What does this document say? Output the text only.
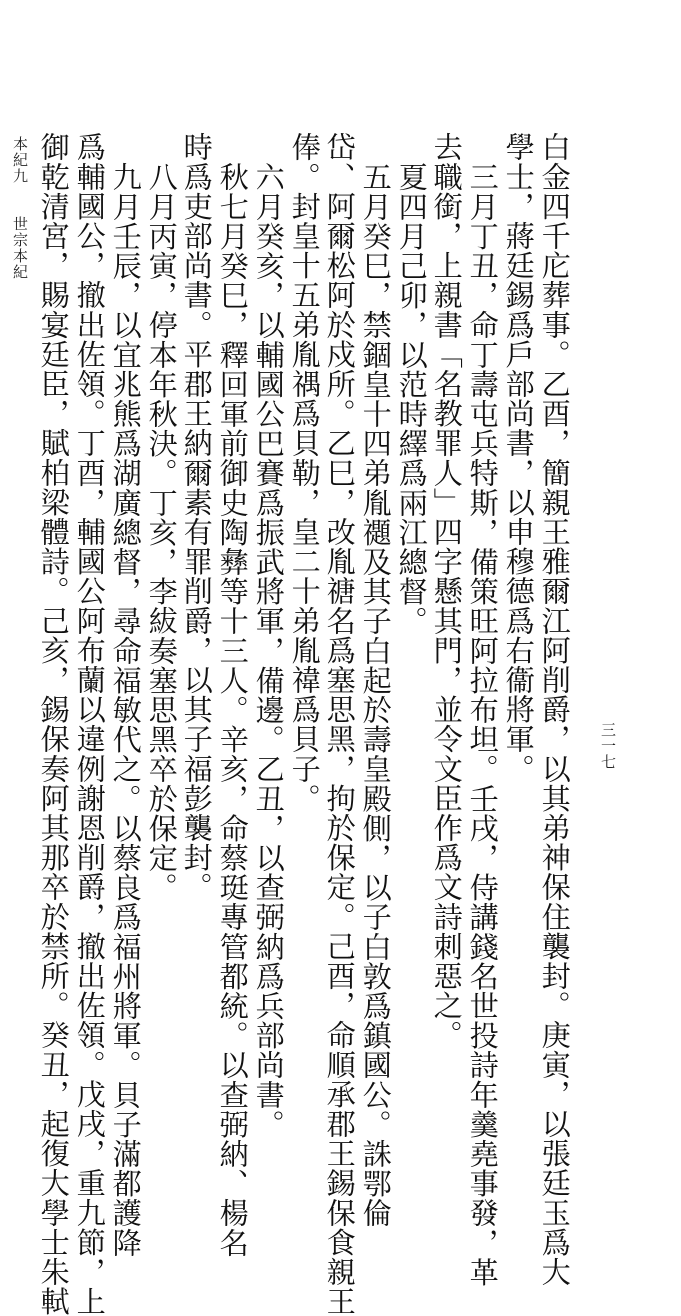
白金四千庀葬事。乙酉，簡親王雅爾江阿削爵，以其弟神保住襲封。庚寅，以張廷玉爲大
學士，蔣廷錫爲戶部尚書，以申穆德爲右衞將軍。
三月丁丑，命丁壽屯兵特斯，備策旺阿拉布坦。壬戌，侍講錢名世投詩年羹堯事發，革
去職銜，上親書「名教罪人」四字懸其門，並令文臣作爲文詩刺惡之。
夏四月己卯，以范時繹爲兩江總督。
五月癸巳，禁錮皇十四弟胤禵及其子白起於壽皇殿側，以子白敦爲鎮國公。誅鄂倫
岱、阿爾松阿於戍所。乙巳，改胤禟名爲塞思黑，拘於保定。己酉，命順承郡王錫保食親王
俸。封皇十五弟胤禑爲貝勒，皇二十弟胤禕爲貝子。
六月癸亥，以輔國公巴賽爲振武將軍，備邊。乙丑，以查弼納爲兵部尚書。
秋七月癸巳，釋回軍前御史陶彝等十三人。辛亥，命蔡珽專管都統。以查弼納、楊名
時爲吏部尚書。平郡王納爾素有罪削爵，以其子福彭襲封。
八月丙寅，停本年秋決。丁亥，李紱奏塞思黑卒於保定。
九月壬辰，以宜兆熊爲湖廣總督，尋命福敏代之。以蔡良爲福州將軍。貝子滿都護降
爲輔國公，撤出佐領。丁酉，輔國公阿布蘭以違例謝恩削爵，撤出佐領。戊戌，重九節，上
御乾清宮，賜宴廷臣，賦柏梁體詩。己亥，錫保奏阿其那卒於禁所。癸丑，起復大學士朱軾
本紀九　　世宗本紀
三一七
